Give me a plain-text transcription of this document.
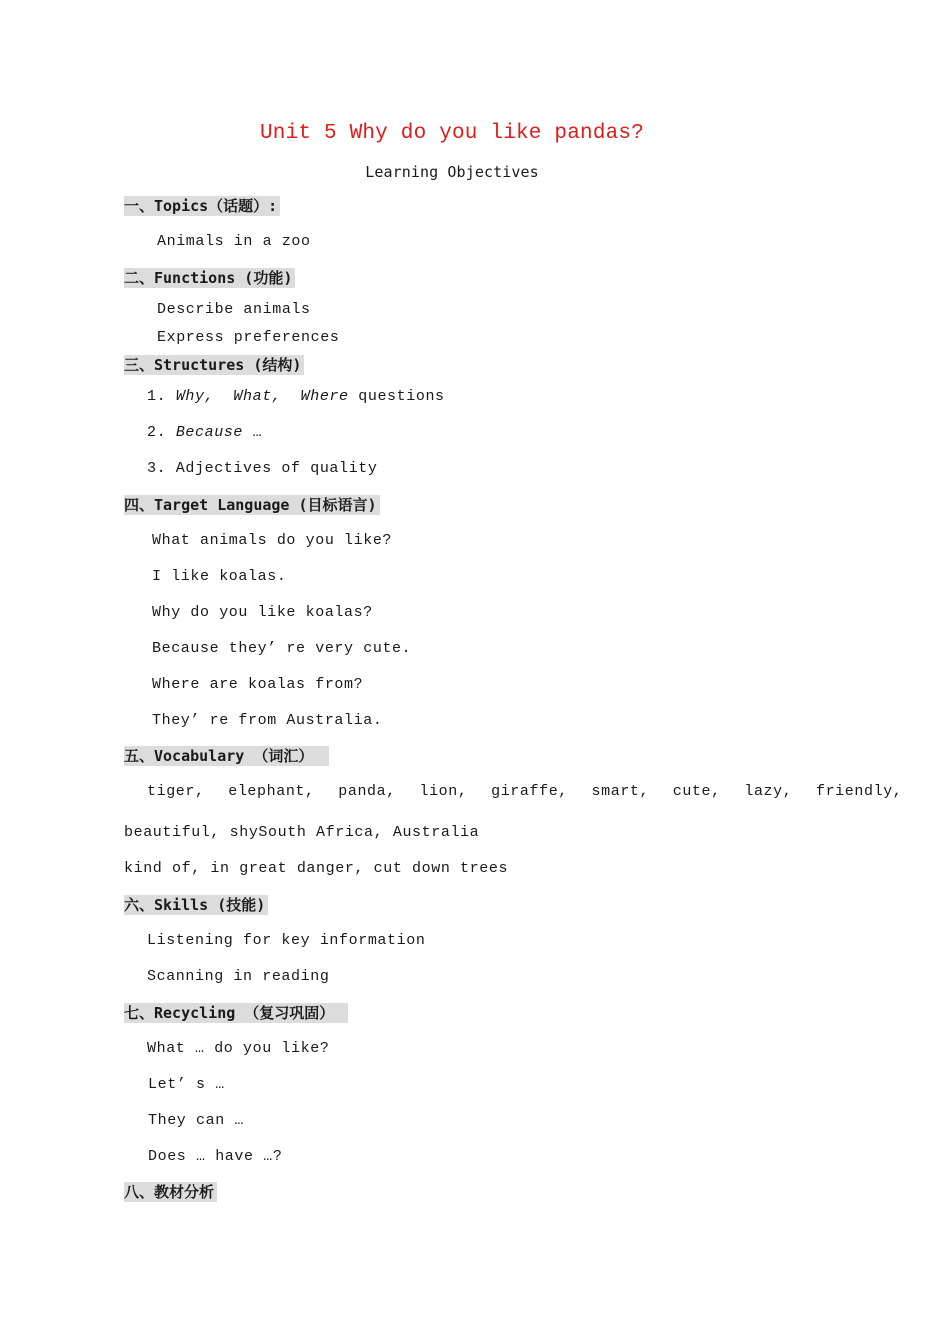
Unit 5 Why do you like pandas?
Learning Objectives
一、Topics（话题）:
Animals in a zoo
二、Functions (功能)
Describe animals
Express preferences
三、Structures (结构)
1. Why,  What,  Where questions
2. Because …
3. Adjectives of quality
四、Target Language (目标语言)
What animals do you like?
I like koalas.
Why do you like koalas?
Because they’ re very cute.
Where are koalas from?
They’ re from Australia.
五、Vocabulary （词汇）
tiger, elephant, panda, lion, giraffe, smart, cute, lazy, friendly,
beautiful, shySouth Africa, Australia
kind of, in great danger, cut down trees
六、Skills (技能)
Listening for key information
Scanning in reading
七、Recycling （复习巩固）
What … do you like?
Let’ s …
They can …
Does … have …?
八、教材分析
